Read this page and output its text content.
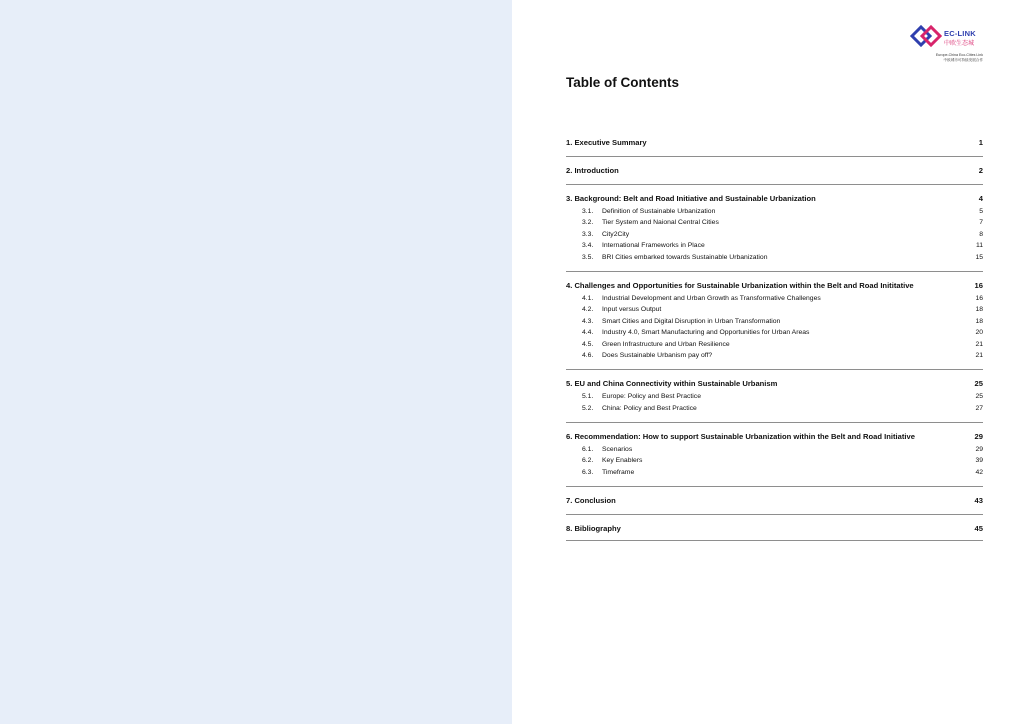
EC-LINK
中欧生态城
Europe-China Eco-Cities Link
中欧城市可持续发展合作
Table of Contents
1. Executive Summary	1
2. Introduction	2
3. Background: Belt and Road Initiative and Sustainable Urbanization	4
3.1. Definition of Sustainable Urbanization	5
3.2. Tier System and Naional Central Cities	7
3.3. City2City	8
3.4. International Frameworks in Place	11
3.5. BRI Cities embarked towards Sustainable Urbanization	15
4. Challenges and Opportunities for Sustainable Urbanization within the Belt and Road Inititative	16
4.1. Industrial Development and Urban Growth as Transformative Challenges	16
4.2. Input versus Output	18
4.3. Smart Cities and Digital Disruption in Urban Transformation	18
4.4. Industry 4.0, Smart Manufacturing and Opportunities for Urban Areas	20
4.5. Green Infrastructure and Urban Resilience	21
4.6. Does Sustainable Urbanism pay off?	21
5. EU and China Connectivity within Sustainable Urbanism	25
5.1. Europe: Policy and Best Practice	25
5.2. China: Policy and Best Practice	27
6. Recommendation: How to support Sustainable Urbanization within the Belt and Road Initiative	29
6.1. Scenarios	29
6.2. Key Enablers	39
6.3. Timeframe	42
7. Conclusion	43
8. Bibliography	45
